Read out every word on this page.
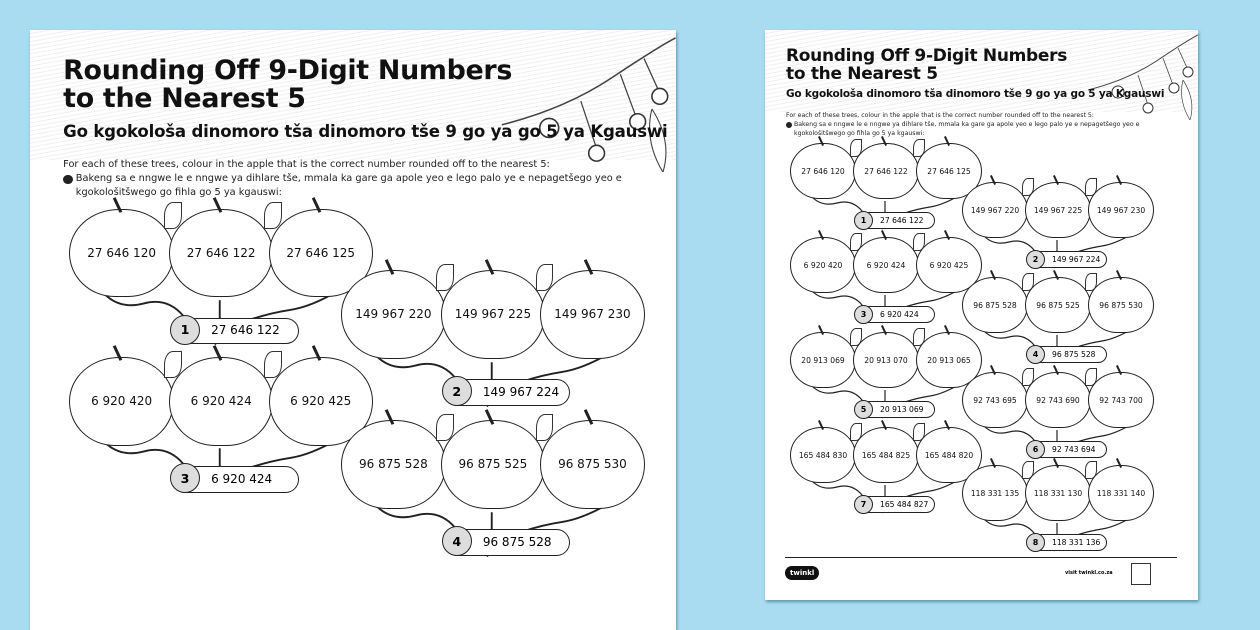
Rounding Off 9-Digit Numbers
to the Nearest 5
Go kgokološa dinomoro tša dinomoro tše 9 go ya go 5 ya Kgauswi
For each of these trees, colour in the apple that is the correct number rounded off to the nearest 5:
Bakeng sa e nngwe le e nngwe ya dihlare tše, mmala ka gare ga apole yeo e lego palo ye e nepagetšego yeo e kgokološitšwego go fihla go 5 ya kgauswi:
27 646 120	27 646 122	27 646 125
1	27 646 122
149 967 220 149 967 225 149 967 230
2	149 967 224
6 920 420	6 920 424	6 920 425
3	6 920 424
96 875 528	96 875 525	96 875 530
4	96 875 528
Rounding Off 9-Digit Numbers
to the Nearest 5
Go kgokološa dinomoro tša dinomoro tše 9 go ya go 5 ya Kgauswi
For each of these trees, colour in the apple that is the correct number rounded off to the nearest 5:
Bakeng sa e nngwe le e nngwe ya dihlare tše, mmala ka gare ga apole yeo e lego palo ye e nepagetšego yeo e kgokološitšwego go fihla go 5 ya kgauswi:
27 646 120	27 646 122	27 646 125
1	27 646 122
149 967 220 149 967 225 149 967 230
2	149 967 224
6 920 420	6 920 424	6 920 425
3	6 920 424
96 875 528	96 875 525	96 875 530
4	96 875 528
20 913 069	20 913 070	20 913 065
5	20 913 069
92 743 695	92 743 690	92 743 700
6	92 743 694
165 484 830 165 484 825 165 484 820
7	165 484 827
118 331 135 118 331 130 118 331 140
8	118 331 136
twinkl	visit twinkl.co.za
